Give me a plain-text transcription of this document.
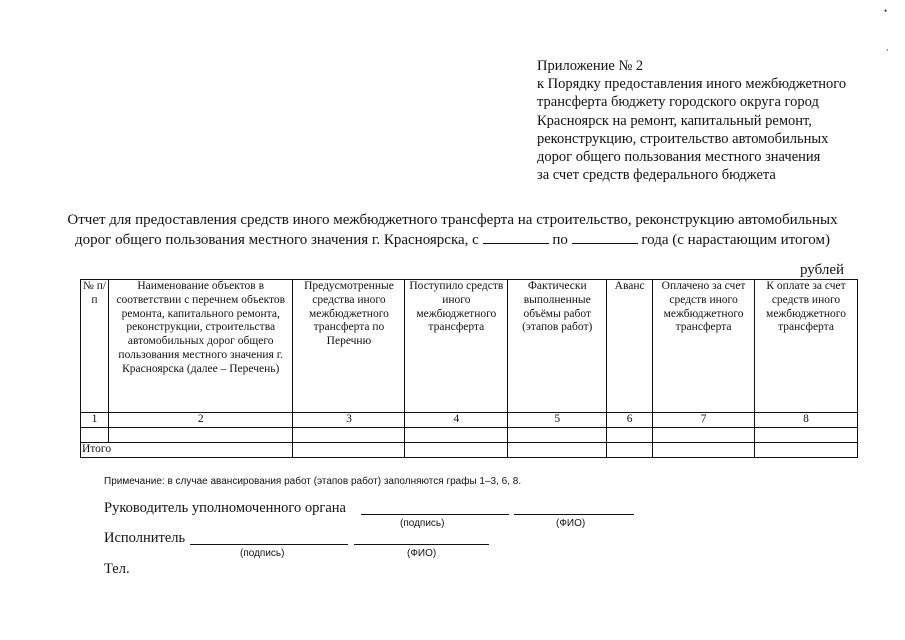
•
,
Приложение № 2
к Порядку предоставления иного межбюджетного
трансферта бюджету городского округа город
Красноярск на ремонт, капитальный ремонт,
реконструкцию, строительство автомобильных
дорог общего пользования местного значения
за счет средств федерального бюджета
Отчет для предоставления средств иного межбюджетного трансферта на строительство, реконструкцию автомобильных
дорог общего пользования местного значения г. Красноярска, с	по	года (с нарастающим итогом)
рублей
№ п/п	Наименование объектов в соответствии с перечнем объектов ремонта, капитального ремонта, реконструкции, строительства автомобильных дорог общего пользования местного значения г. Красноярска (далее – Перечень)	Предусмотренные средства иного межбюджетного трансферта по Перечню	Поступило средств иного межбюджетного трансферта	Фактически выполненные объёмы работ (этапов работ)	Аванс	Оплачено за счет средств иного межбюджетного трансферта	К оплате за счет средств иного межбюджетного трансферта
1	2	3	4	5	6	7	8

Итого							
Примечание: в случае авансирования работ (этапов работ) заполняются графы 1–3, 6, 8.
Руководитель уполномоченного органа
(подпись)	(ФИО)
Исполнитель
(подпись)	(ФИО)
Тел.
